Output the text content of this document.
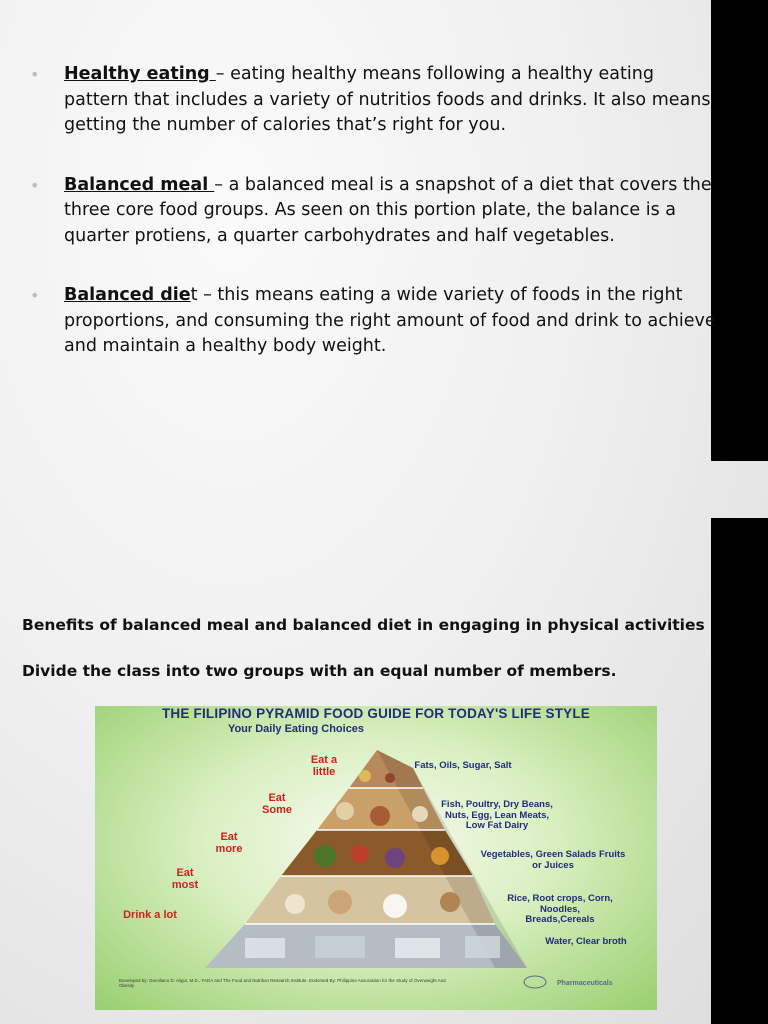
• Healthy eating – eating healthy means following a healthy eating pattern that includes a variety of nutritios foods and drinks. It also means getting the number of calories that’s right for you.
• Balanced meal – a balanced meal is a snapshot of a diet that covers the three core food groups. As seen on this portion plate, the balance is a quarter protiens, a quarter carbohydrates and half vegetables.
• Balanced diet – this means eating a wide variety of foods in the right proportions, and consuming the right amount of food and drink to achieve and maintain a healthy body weight.
Benefits of balanced meal and balanced diet in engaging in physical activities
Divide the class into two groups with an equal number of members.
THE FILIPINO PYRAMID FOOD GUIDE FOR TODAY'S LIFE STYLE
Your Daily Eating Choices
Eat a little
Eat Some
Eat more
Eat most
Drink a lot
Fats, Oils, Sugar, Salt
Fish, Poultry, Dry Beans, Nuts, Egg, Lean Meats, Low Fat Dairy
Vegetables, Green Salads Fruits or Juices
Rice, Root crops, Corn, Noodles, Breads,Cereals
Water, Clear broth
Developed by: Gemiliano D. Aligui, M.D., FADA and The Food and Nutrition Research Institute. Endorsed By: Philippine Association for the Study of Overweight And Obesity	Pharmaceuticals
